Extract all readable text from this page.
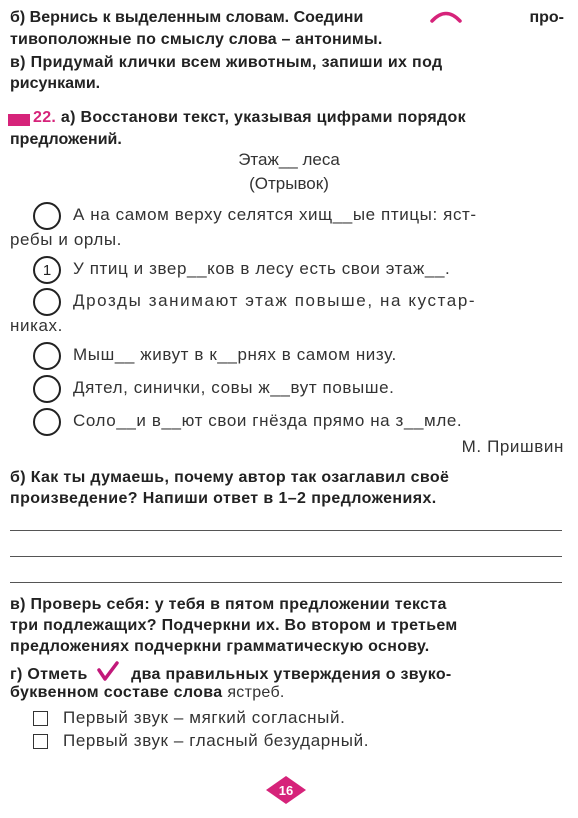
б) Вернись к выделенным словам. Соедини	про-
тивоположные по смыслу слова – антонимы.
в) Придумай клички всем животным, запиши их под
рисунками.
22. а) Восстанови текст, указывая цифрами порядок
предложений.
Этаж__ леса
(Отрывок)
А на самом верху селятся хищ__ые птицы: яст-
ребы и орлы.
1	У птиц и звер__ков в лесу есть свои этаж__.
Дрозды занимают этаж повыше, на кустар-
никах.
Мыш__ живут в к__рнях в самом низу.
Дятел, синички, совы ж__вут повыше.
Соло__и в__ют свои гнёзда прямо на з__мле.
М. Пришвин
б) Как ты думаешь, почему автор так озаглавил своё
произведение? Напиши ответ в 1–2 предложениях.
в) Проверь себя: у тебя в пятом предложении текста
три подлежащих? Подчеркни их. Во втором и третьем
предложениях подчеркни грамматическую основу.
г) Отметь	два правильных утверждения о звуко-
буквенном составе слова ястреб.
Первый звук – мягкий согласный.
Первый звук – гласный безударный.
16
